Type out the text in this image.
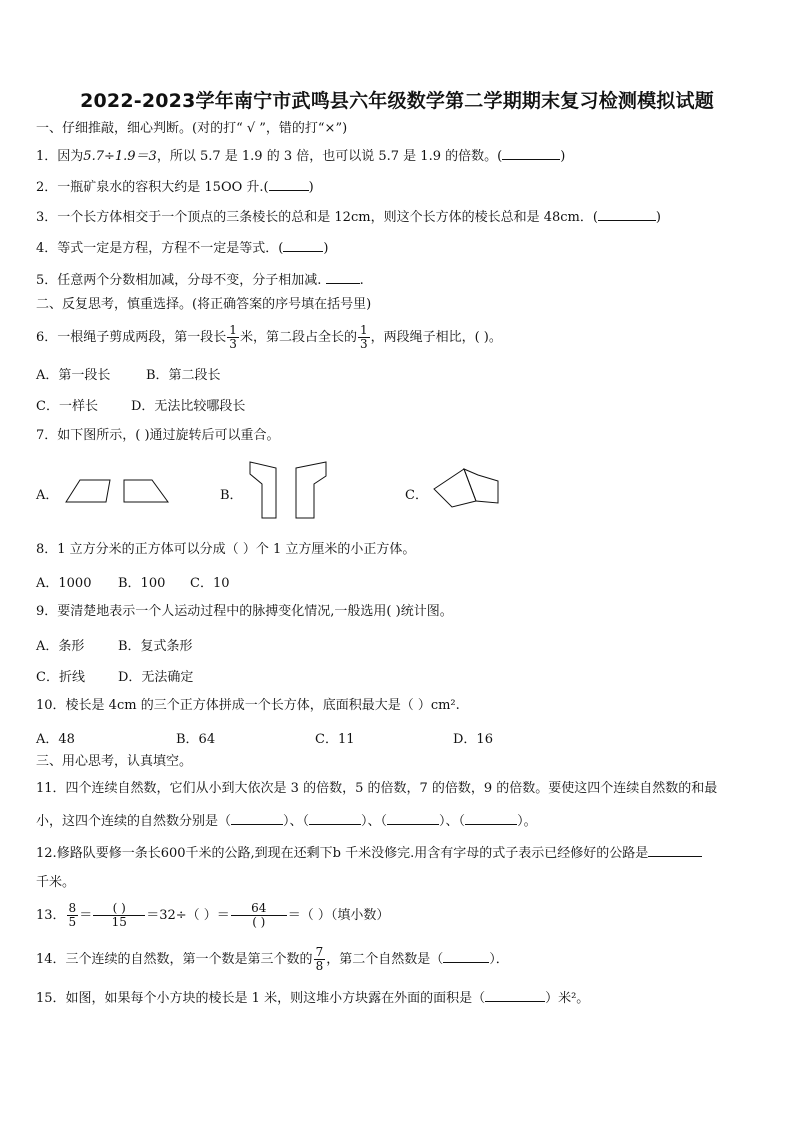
2022-2023学年南宁市武鸣县六年级数学第二学期期末复习检测模拟试题
一、仔细推敲，细心判断。(对的打“ √ ”，错的打“×”)
1．因为5.7÷1.9＝3，所以 5.7 是 1.9 的 3 倍，也可以说 5.7 是 1.9 的倍数。(	)
2．一瓶矿泉水的容积大约是 15OO 升.(	)
3．一个长方体相交于一个顶点的三条棱长的总和是 12cm，则这个长方体的棱长总和是 48cm．(	)
4．等式一定是方程，方程不一定是等式．(	)
5．任意两个分数相加减，分母不变，分子相加减.	.
二、反复思考，慎重选择。(将正确答案的序号填在括号里)
6．一根绳子剪成两段，第一段长 $\frac{1}{3}$ 米，第二段占全长的 $\frac{1}{3}$ ，两段绳子相比，( )。
A．第一段长	B．第二段长
C．一样长	D．无法比较哪段长
7．如下图所示，( )通过旋转后可以重合。
A．	B．	C．
8．1 立方分米的正方体可以分成（ ）个 1 立方厘米的小正方体。
A．1000 B．100 C．10
9．要清楚地表示一个人运动过程中的脉搏变化情况,一般选用( )统计图。
A．条形	B．复式条形
C．折线	D．无法确定
10．棱长是 4cm 的三个正方体拼成一个长方体，底面积最大是（ ）cm².
A．48	B．64	C．11	D．16
三、用心思考，认真填空。
11．四个连续自然数，它们从小到大依次是 3 的倍数，5 的倍数，7 的倍数，9 的倍数。要使这四个连续自然数的和最
小，这四个连续的自然数分别是（	）、（	）、（	）、（	）。
12.修路队要修一条长600千米的公路,到现在还剩下b 千米没修完.用含有字母的式子表示已经修好的公路是
千米。
13． $\frac{8}{5} = \frac{( )}{15} =32\div$（ ）＝ $\frac{64}{( )}$ ＝（ ）（填小数）
14．三个连续的自然数，第一个数是第三个数的 $\frac{7}{8}$ ，第二个自然数是（	）．
15．如图，如果每个小方块的棱长是 1 米，则这堆小方块露在外面的面积是（	）米²。
